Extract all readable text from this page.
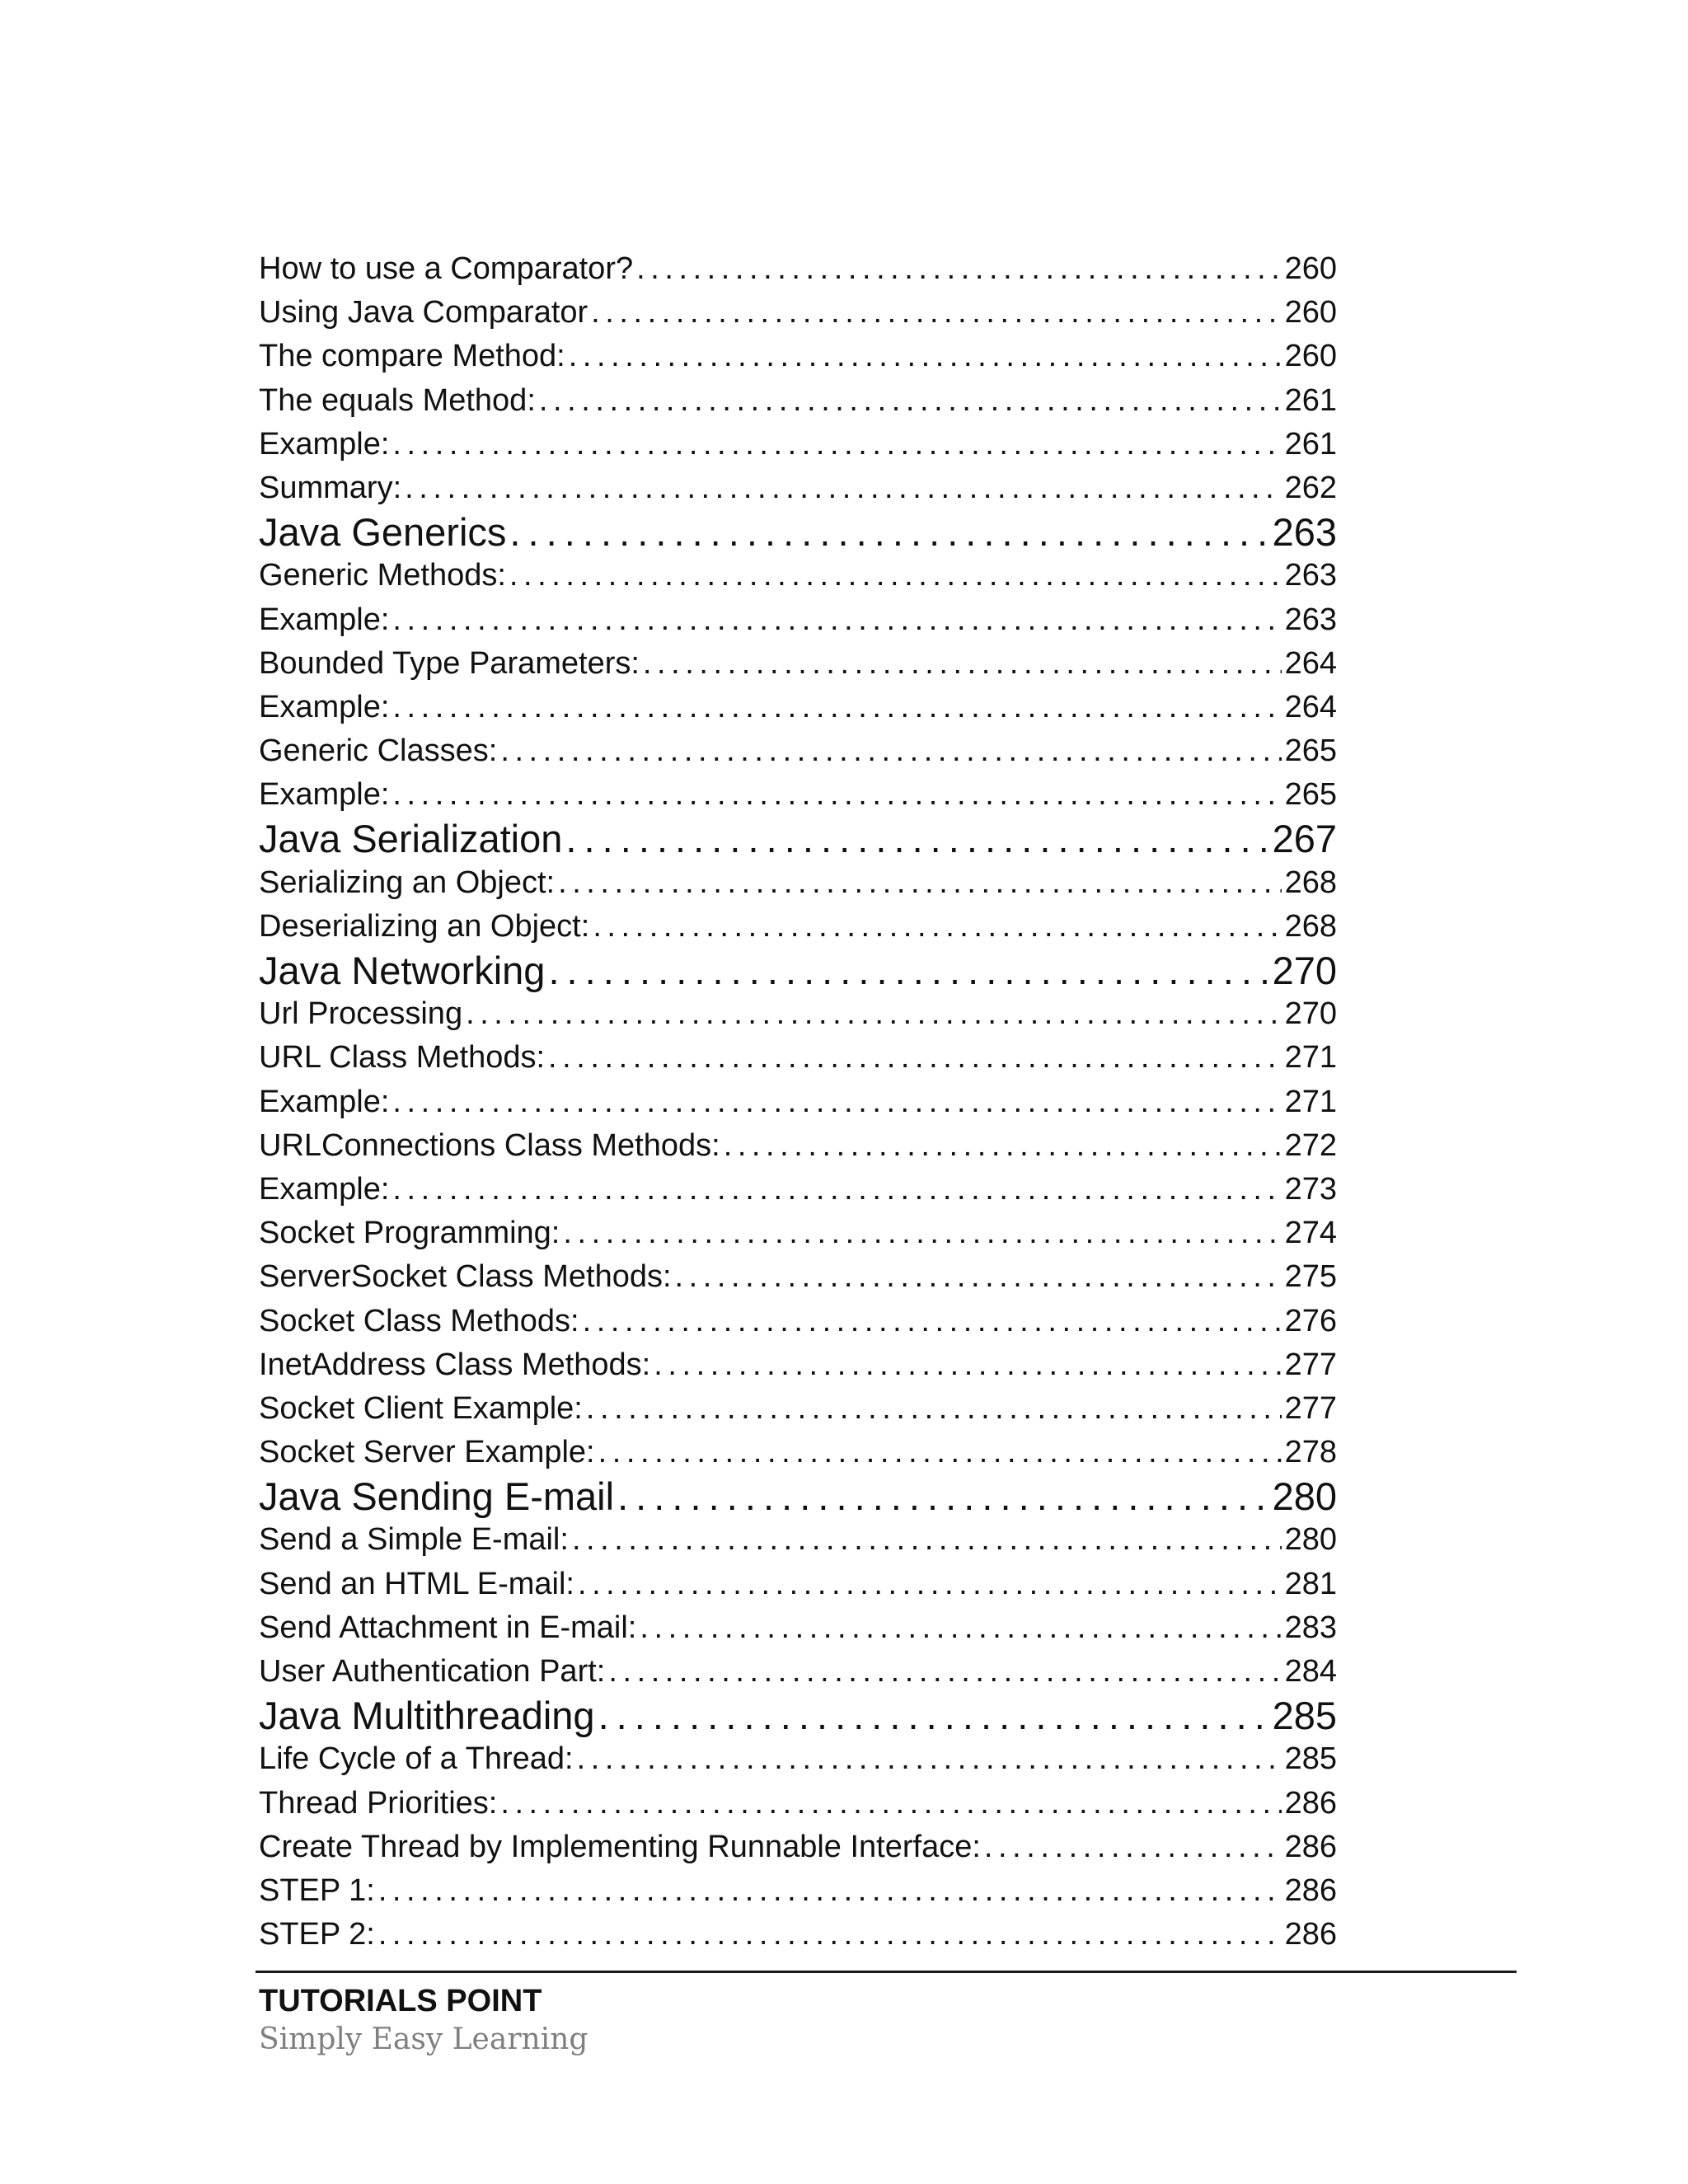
How to use a Comparator? . . .	260
Using Java Comparator . . .	260
The compare Method: . . .	260
The equals Method: . . .	261
Example: . . .	261
Summary: . . .	262
Java Generics . . .	263
Generic Methods: . . .	263
Example: . . .	263
Bounded Type Parameters: . . .	264
Example: . . .	264
Generic Classes: . . .	265
Example: . . .	265
Java Serialization . . .	267
Serializing an Object: . . .	268
Deserializing an Object: . . .	268
Java Networking . . .	270
Url Processing . . .	270
URL Class Methods: . . .	271
Example: . . .	271
URLConnections Class Methods: . . .	272
Example: . . .	273
Socket Programming: . . .	274
ServerSocket Class Methods: . . .	275
Socket Class Methods: . . .	276
InetAddress Class Methods: . . .	277
Socket Client Example: . . .	277
Socket Server Example: . . .	278
Java Sending E-mail . . .	280
Send a Simple E-mail: . . .	280
Send an HTML E-mail: . . .	281
Send Attachment in E-mail: . . .	283
User Authentication Part: . . .	284
Java Multithreading . . .	285
Life Cycle of a Thread: . . .	285
Thread Priorities: . . .	286
Create Thread by Implementing Runnable Interface: . . .	286
STEP 1: . . .	286
STEP 2: . . .	286
TUTORIALS POINT
Simply Easy Learning
